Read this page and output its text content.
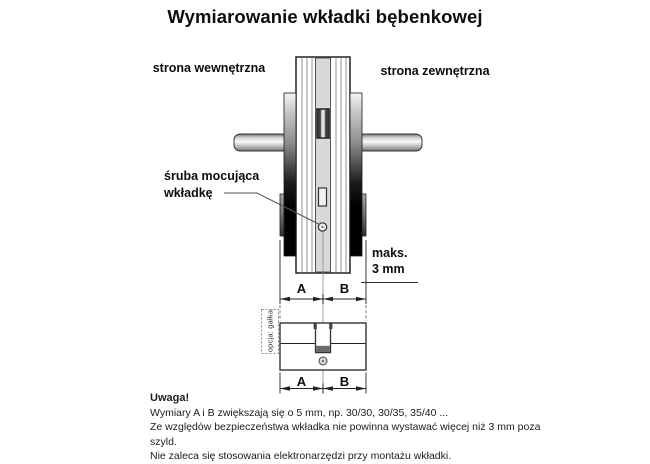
Wymiarowanie wkładki bębenkowej
strona wewnętrzna	strona zewnętrzna
śruba mocująca
wkładkę
maks.
3 mm
A	B
A	B
opcja: gałka
Uwaga!
Wymiary A i B zwiększają się o 5 mm, np. 30/30, 30/35, 35/40 ...
Ze względów bezpieczeństwa wkładka nie powinna wystawać więcej niż 3 mm poza szyld.
Nie zaleca się stosowania elektronarzędzi przy montażu wkładki.
